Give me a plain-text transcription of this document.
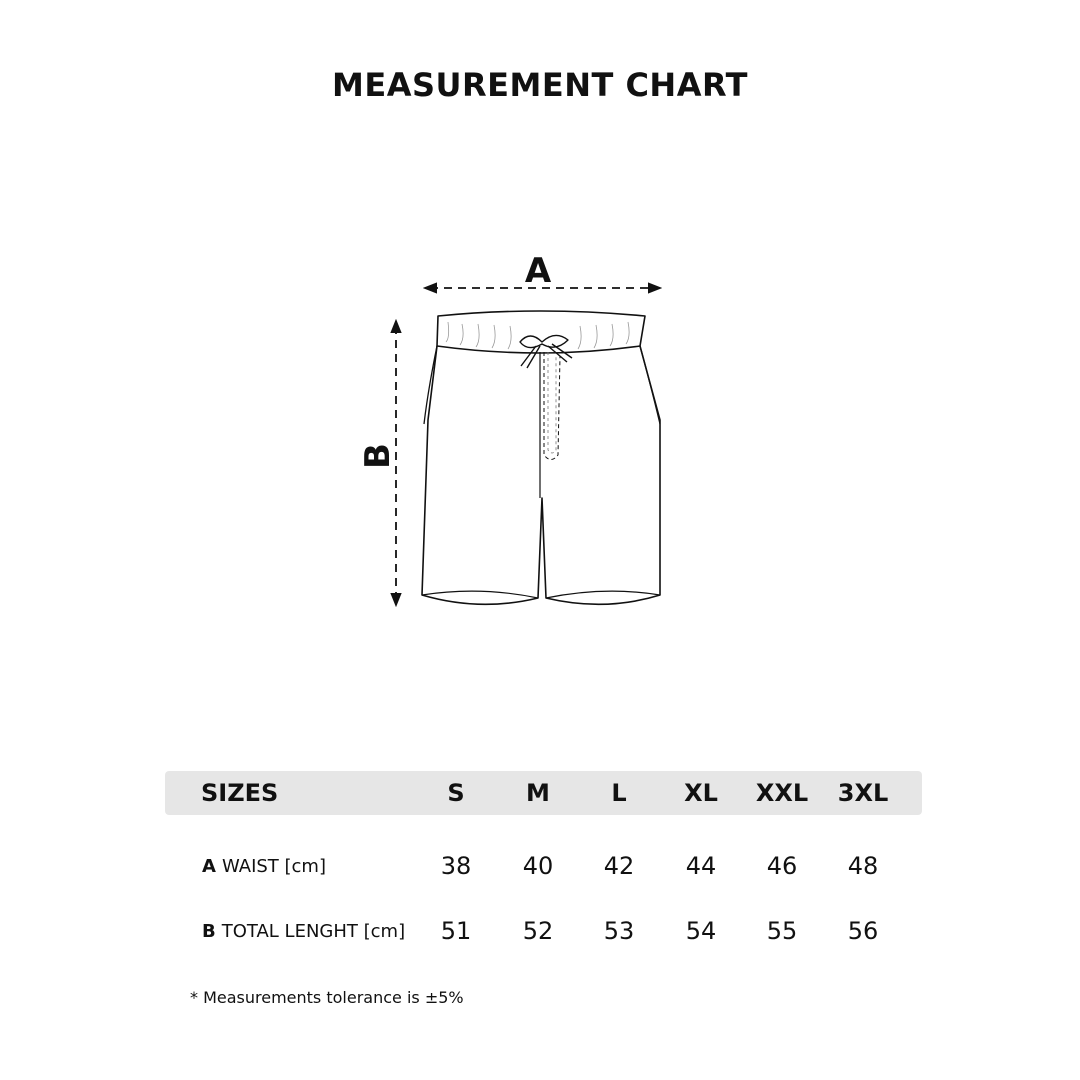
MEASUREMENT CHART
A
B
SIZES	S	M	L	XL	XXL 3XL
A WAIST [cm]	38	40	42	44	46	48
B TOTAL LENGHT [cm]	51	52	53	54	55	56
* Measurements tolerance is ±5%
